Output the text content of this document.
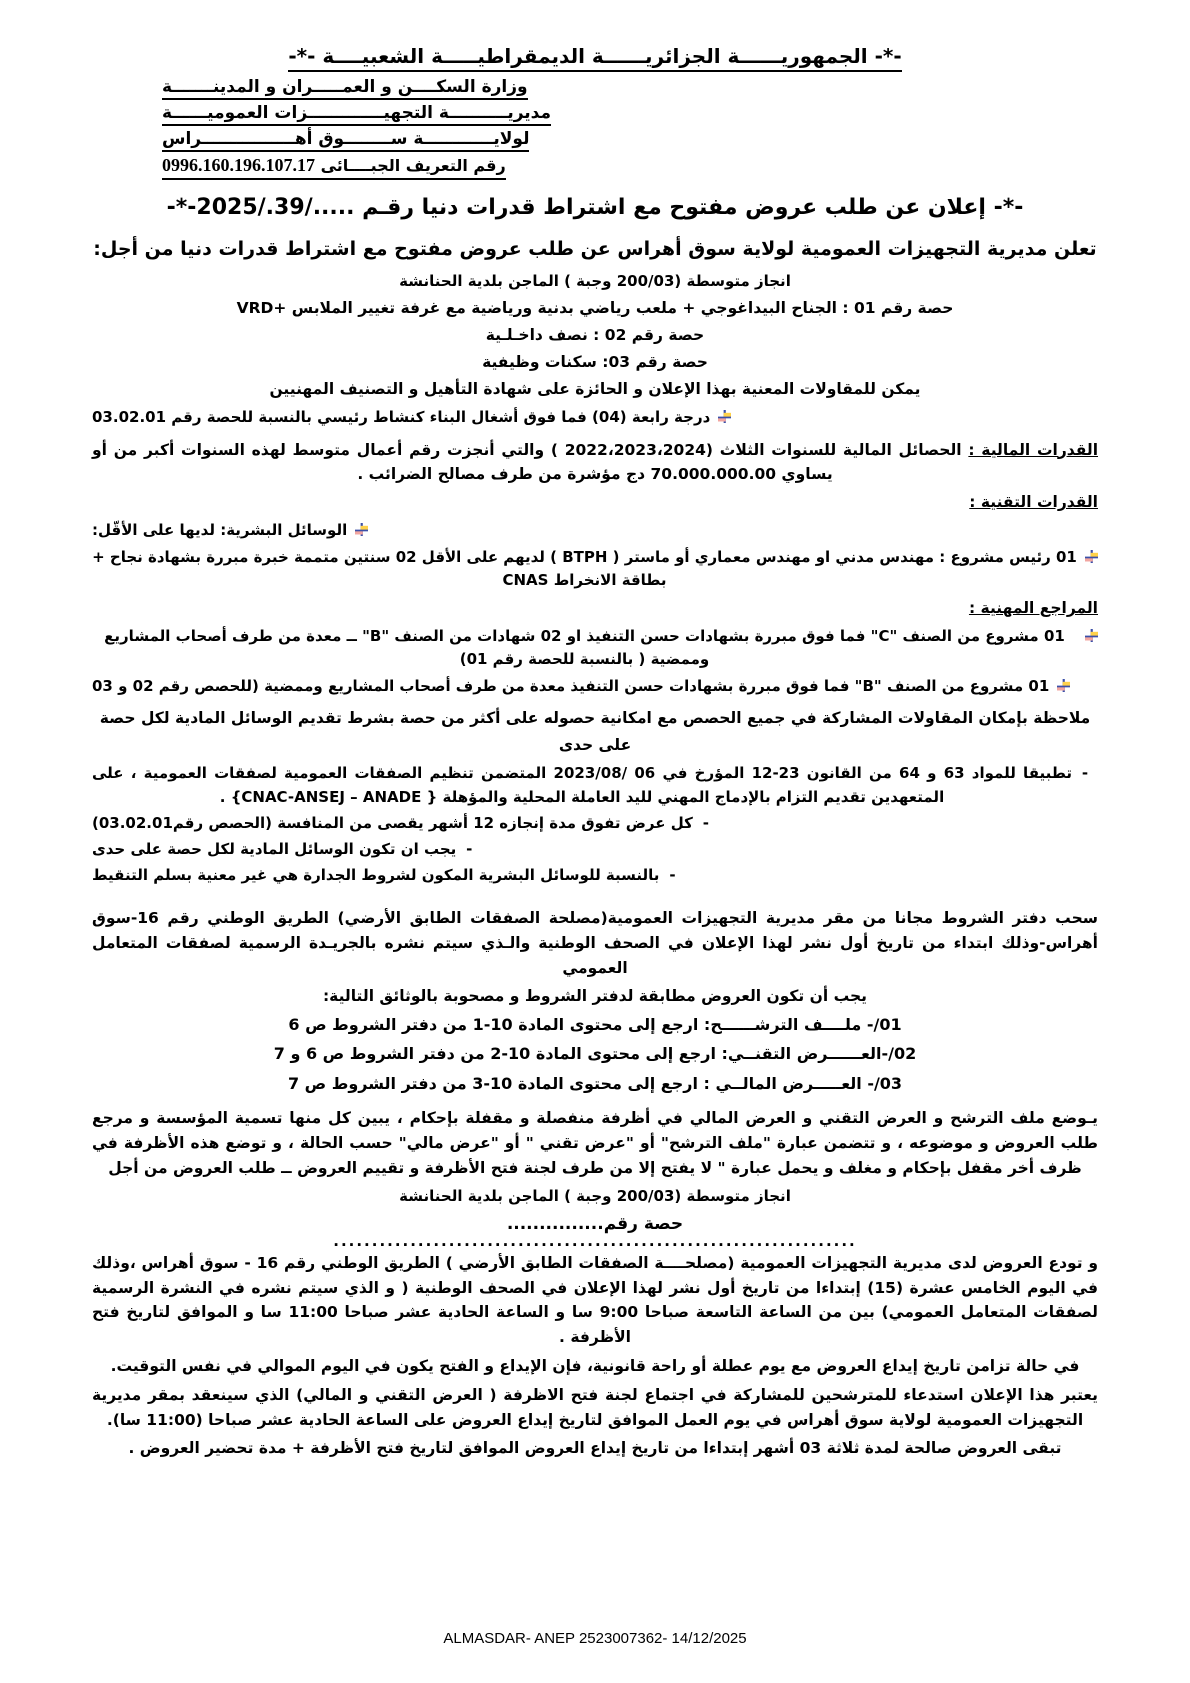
-*- الجمهوريــــــة الجزائريــــــة الديمقراطيـــــة الشعبيــــة -*-
وزارة السكــــن و العمـــــران و المدينـــــــة
مديريــــــــــة التجهيـــــــــــــزات العموميــــــة
لولايــــــــــــة ســــــــوق أهــــــــــــــــراس
رقم التعريف الجبــــائى 0996.160.196.107.17
-*- إعلان عن طلب عروض مفتوح مع اشتراط قدرات دنيا رقـم ...../39./2025-*-
تعلن مديرية التجهيزات العمومية لولاية سوق أهراس عن طلب عروض مفتوح مع اشتراط قدرات دنيا من أجل:
انجاز متوسطة (200/03 وجبة ) الماجن بلدية الحنانشة
حصة رقم 01 : الجناح البيداغوجي + ملعب رياضي بدنية ورياضية مع غرفة تغيير الملابس +VRD
حصة رقم 02 : نصف داخـلـية
حصة رقم 03: سكنات وظيفية
يمكن للمقاولات المعنية بهذا الإعلان و الحائزة على شهادة التأهيل و التصنيف المهنيين
درجة رابعة (04) فما فوق أشغال البناء كنشاط رئيسي بالنسبة للحصة رقم 03.02.01
القدرات المالية : الحصائل المالية للسنوات الثلاث (2022،2023،2024 ) والتي أنجزت رقم أعمال متوسط لهذه السنوات أكبر من أو يساوي 70.000.000.00 دج مؤشرة من طرف مصالح الضرائب .
القدرات التقنية :
الوسائل البشرية: لديها على الأقّل:
01 رئيس مشروع : مهندس مدني او مهندس معماري أو ماستر ( BTPH ) لديهم على الأقل 02 سنتين متممة خبرة مبررة بشهادة نجاح + بطاقة الانخراط CNAS
المراجع المهنية :
01 مشروع من الصنف "C" فما فوق مبررة بشهادات حسن التنفيذ او 02 شهادات من الصنف "B" ــ معدة من طرف أصحاب المشاريع وممضية ( بالنسبة للحصة رقم 01)
01 مشروع من الصنف "B" فما فوق مبررة بشهادات حسن التنفيذ معدة من طرف أصحاب المشاريع وممضية (للحصص رقم 02 و 03
ملاحظة بإمكان المقاولات المشاركة في جميع الحصص مع امكانية حصوله على أكثر من حصة بشرط تقديم الوسائل المادية لكل حصة على حدى
-
تطبيقا للمواد 63 و 64 من القانون 23-12 المؤرخ في 06 /2023/08 المتضمن تنظيم الصفقات العمومية لصفقات العمومية ، على المتعهدين تقديم التزام بالإدماج المهني لليد العاملة المحلية والمؤهلة { CNAC-ANSEJ – ANADE} .
-
كل عرض تفوق مدة إنجازه 12 أشهر يقصى من المنافسة (الحصص رقم03.02.01)
-
يجب ان تكون الوسائل المادية لكل حصة على حدى
-
بالنسبة للوسائل البشرية المكون لشروط الجدارة هي غير معنية بسلم التنقيط
سحب دفتر الشروط مجانا من مقر مديرية التجهيزات العمومية(مصلحة الصفقات الطابق الأرضي) الطريق الوطني رقم 16-سوق أهراس-وذلك ابتداء من تاريخ أول نشر لهذا الإعلان في الصحف الوطنية والـذي سيتم نشره بالجريـدة الرسمية لصفقات المتعامل العمومي
يجب أن تكون العروض مطابقة لدفتر الشروط و مصحوبة بالوثائق التالية:
01/- ملــــف الترشــــــح: ارجع إلى محتوى المادة 10-1 من دفتر الشروط ص 6
02/-العــــــرض التقنــي: ارجع إلى محتوى المادة 10-2 من دفتر الشروط ص 6 و 7
03/- العـــــرض المالــي : ارجع إلى محتوى المادة 10-3 من دفتر الشروط ص 7
يـوضع ملف الترشح و العرض التقني و العرض المالي في أظرفة منفصلة و مقفلة بإحكام ، يبين كل منها تسمية المؤسسة و مرجع طلب العروض و موضوعه ، و تتضمن عبارة "ملف الترشح" أو "عرض تقني " أو "عرض مالي" حسب الحالة ، و توضع هذه الأظرفة في ظرف أخر مقفل بإحكام و مغلف و يحمل عبارة " لا يفتح إلا من طرف لجنة فتح الأظرفة و تقييم العروض ــ طلب العروض من أجل
انجاز متوسطة (200/03 وجبة ) الماجن بلدية الحنانشة
حصة رقم...............
....................................................................
و تودع العروض لدى مديرية التجهيزات العمومية (مصلحــــة الصفقات الطابق الأرضي ) الطريق الوطني رقم 16 - سوق أهراس ،وذلك في اليوم الخامس عشرة (15) إبتداءا من تاريخ أول نشر لهذا الإعلان في الصحف الوطنية ( و الذي سيتم نشره في النشرة الرسمية لصفقات المتعامل العمومي) بين من الساعة التاسعة صباحا 9:00 سا و الساعة الحادية عشر صباحا 11:00 سا و الموافق لتاريخ فتح الأظرفة .
في حالة تزامن تاريخ إيداع العروض مع يوم عطلة أو راحة قانونية، فإن الإيداع و الفتح يكون في اليوم الموالي في نفس التوقيت.
يعتبر هذا الإعلان استدعاء للمترشحين للمشاركة في اجتماع لجنة فتح الاظرفة ( العرض التقني و المالي) الذي سينعقد بمقر مديرية التجهيزات العمومية لولاية سوق أهراس في يوم العمل الموافق لتاريخ إيداع العروض على الساعة الحادية عشر صباحا (11:00 سا).
تبقى العروض صالحة لمدة ثلاثة 03 أشهر إبتداءا من تاريخ إيداع العروض الموافق لتاريخ فتح الأظرفة + مدة تحضير العروض .
ALMASDAR- ANEP 2523007362- 14/12/2025
